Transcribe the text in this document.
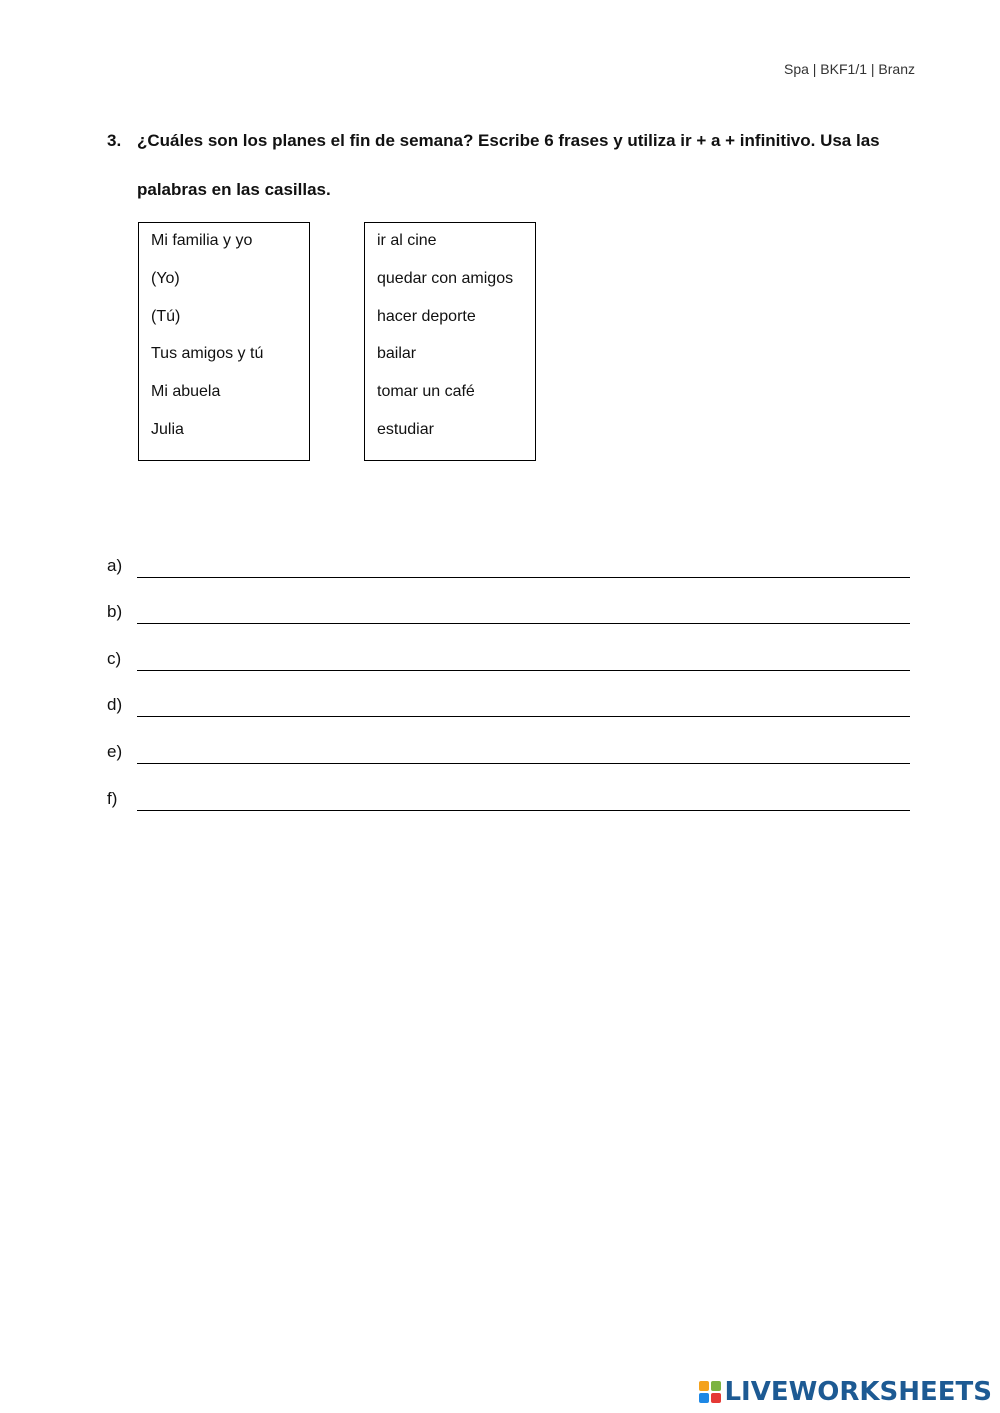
Spa | BKF1/1 | Branz
3. ¿Cuáles son los planes el fin de semana? Escribe 6 frases y utiliza ir + a + infinitivo. Usa las palabras en las casillas.
Mi familia y yo
(Yo)
(Tú)
Tus amigos y tú
Mi abuela
Julia
ir al cine
quedar con amigos
hacer deporte
bailar
tomar un café
estudiar
a)
b)
c)
d)
e)
f)
LIVEWORKSHEETS
